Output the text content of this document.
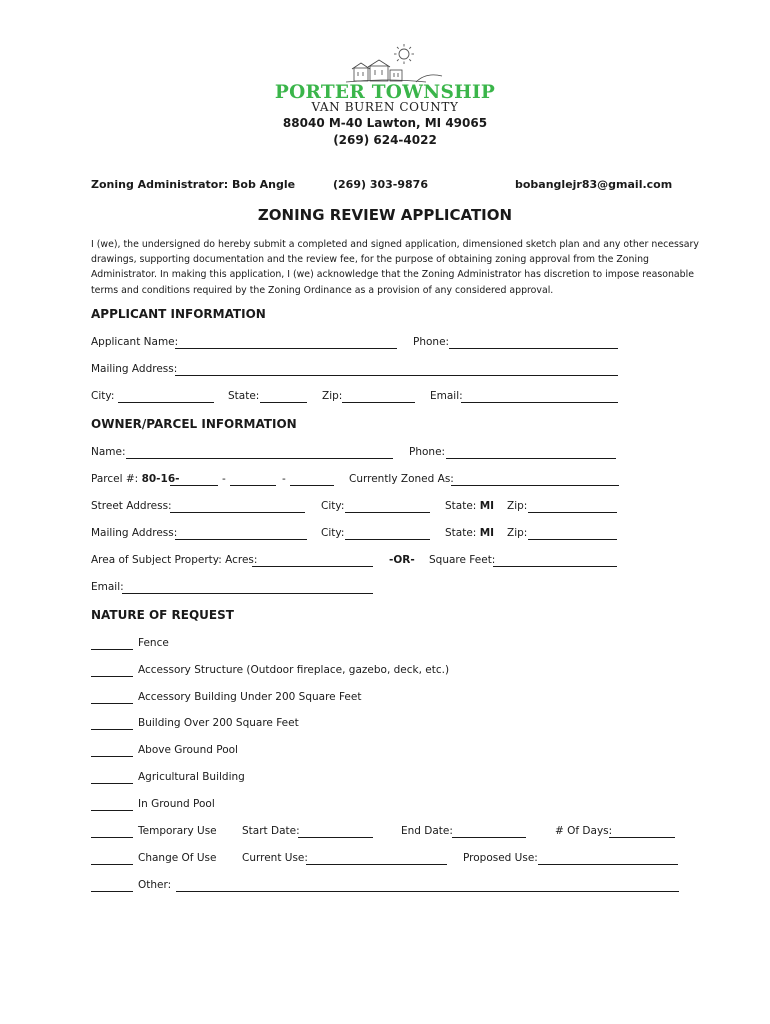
PORTER TOWNSHIP
VAN BUREN COUNTY
88040 M-40 Lawton, MI 49065
(269) 624-4022
Zoning Administrator: Bob Angle	(269) 303-9876	bobanglejr83@gmail.com
ZONING REVIEW APPLICATION
I (we), the undersigned do hereby submit a completed and signed application, dimensioned sketch plan and any other necessary
drawings, supporting documentation and the review fee, for the purpose of obtaining zoning approval from the Zoning
Administrator. In making this application, I (we) acknowledge that the Zoning Administrator has discretion to impose reasonable
terms and conditions required by the Zoning Ordinance as a provision of any considered approval.
APPLICANT INFORMATION
Applicant Name:	Phone:
Mailing Address:
City:	State:	Zip:	Email:
OWNER/PARCEL INFORMATION
Name:	Phone:
Parcel #: 80-16-	-	-	Currently Zoned As:
Street Address:	City:	State: MI Zip:
Mailing Address:	City:	State: MI Zip:
Area of Subject Property: Acres:	-OR- Square Feet:
Email:
NATURE OF REQUEST
Fence
Accessory Structure (Outdoor fireplace, gazebo, deck, etc.)
Accessory Building Under 200 Square Feet
Building Over 200 Square Feet
Above Ground Pool
Agricultural Building
In Ground Pool
Temporary Use Start Date:	End Date:	# Of Days:
Change Of Use Current Use:	Proposed Use:
Other:
